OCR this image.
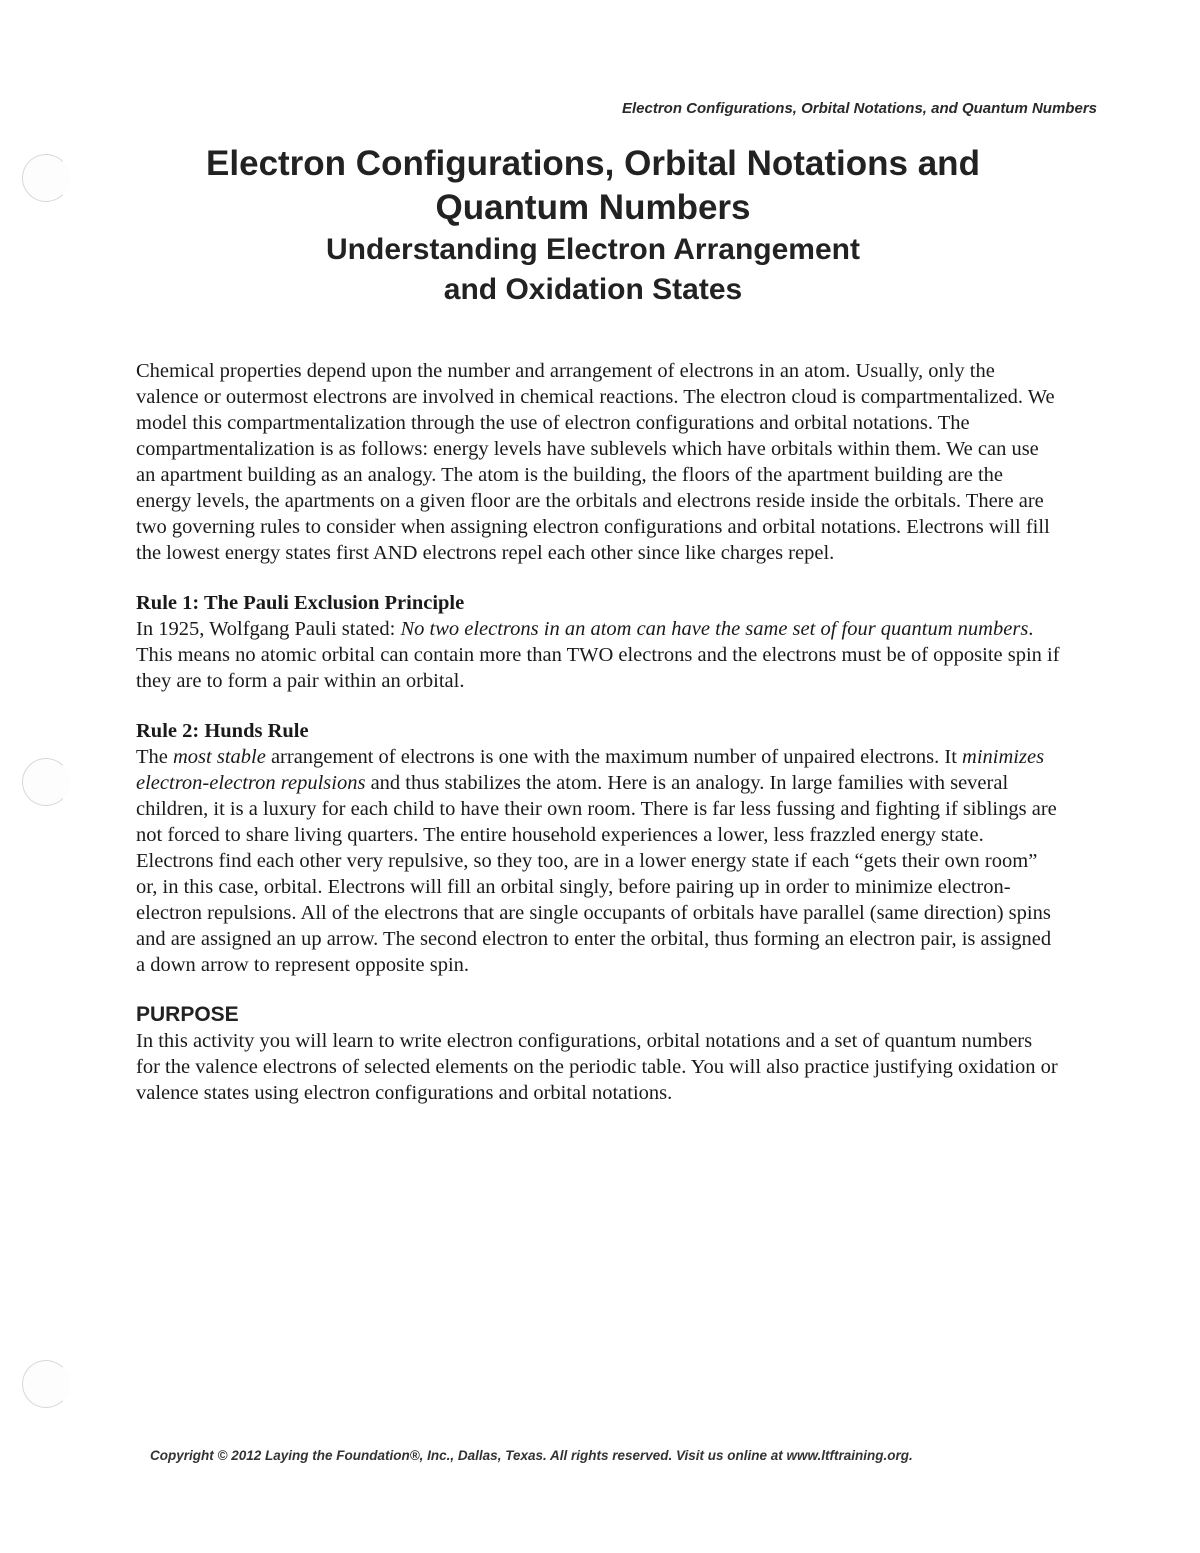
Electron Configurations, Orbital Notations, and Quantum Numbers

Electron Configurations, Orbital Notations and

Quantum Numbers

Understanding Electron Arrangement

and Oxidation States

Chemical properties depend upon the number and arrangement of electrons in an atom. Usually, only the valence or outermost electrons are involved in chemical reactions. The electron cloud is compartmentalized. We model this compartmentalization through the use of electron configurations and orbital notations. The compartmentalization is as follows: energy levels have sublevels which have orbitals within them. We can use an apartment building as an analogy. The atom is the building, the floors of the apartment building are the energy levels, the apartments on a given floor are the orbitals and electrons reside inside the orbitals. There are two governing rules to consider when assigning electron configurations and orbital notations. Electrons will fill the lowest energy states first AND electrons repel each other since like charges repel.

Rule 1: The Pauli Exclusion Principle

In 1925, Wolfgang Pauli stated: No two electrons in an atom can have the same set of four quantum numbers. This means no atomic orbital can contain more than TWO electrons and the electrons must be of opposite spin if they are to form a pair within an orbital.

Rule 2: Hunds Rule

The most stable arrangement of electrons is one with the maximum number of unpaired electrons. It minimizes electron-electron repulsions and thus stabilizes the atom. Here is an analogy. In large families with several children, it is a luxury for each child to have their own room. There is far less fussing and fighting if siblings are not forced to share living quarters. The entire household experiences a lower, less frazzled energy state. Electrons find each other very repulsive, so they too, are in a lower energy state if each “gets their own room” or, in this case, orbital. Electrons will fill an orbital singly, before pairing up in order to minimize electron-electron repulsions. All of the electrons that are single occupants of orbitals have parallel (same direction) spins and are assigned an up arrow. The second electron to enter the orbital, thus forming an electron pair, is assigned a down arrow to represent opposite spin.

PURPOSE

In this activity you will learn to write electron configurations, orbital notations and a set of quantum numbers for the valence electrons of selected elements on the periodic table. You will also practice justifying oxidation or valence states using electron configurations and orbital notations.

Copyright © 2012 Laying the Foundation®, Inc., Dallas, Texas. All rights reserved. Visit us online at www.ltftraining.org.
